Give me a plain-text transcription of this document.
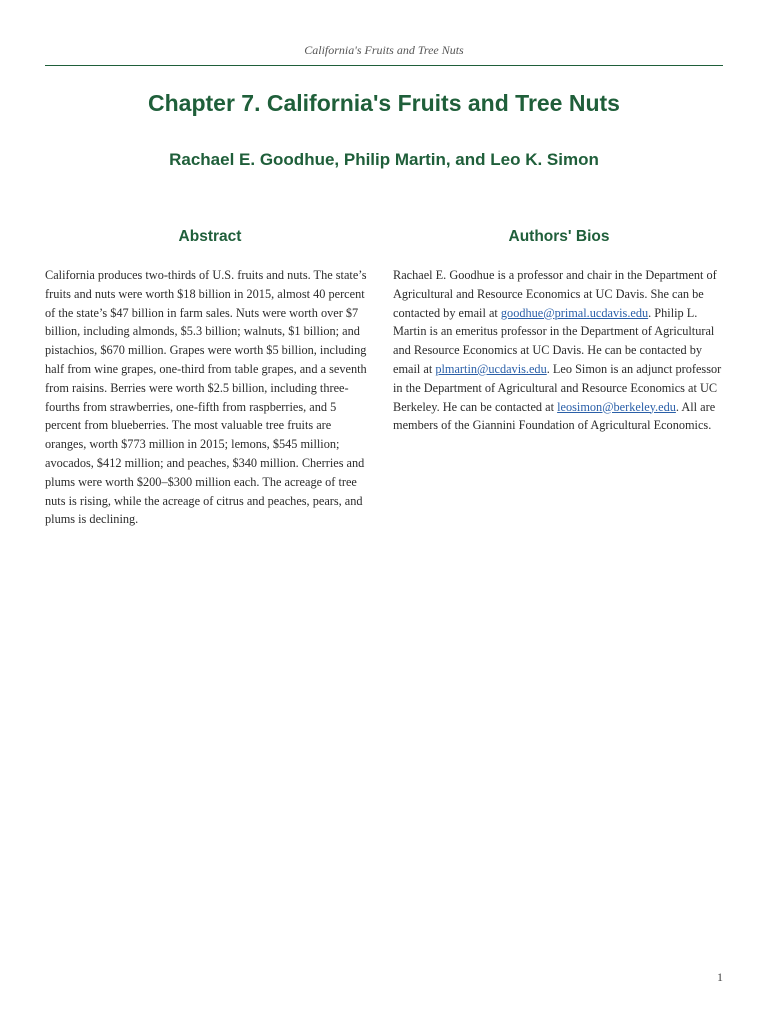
California's Fruits and Tree Nuts
Chapter 7. California's Fruits and Tree Nuts
Rachael E. Goodhue, Philip Martin, and Leo K. Simon
Abstract

California produces two-thirds of U.S. fruits and nuts. The state’s fruits and nuts were worth $18 billion in 2015, almost 40 percent of the state’s $47 billion in farm sales. Nuts were worth over $7 billion, including almonds, $5.3 billion; walnuts, $1 billion; and pistachios, $670 million. Grapes were worth $5 billion, including half from wine grapes, one-third from table grapes, and a seventh from raisins. Berries were worth $2.5 billion, including three-fourths from strawberries, one-fifth from raspberries, and 5 percent from blueberries. The most valuable tree fruits are oranges, worth $773 million in 2015; lemons, $545 million; avocados, $412 million; and peaches, $340 million. Cherries and plums were worth $200–$300 million each. The acreage of tree nuts is rising, while the acreage of citrus and peaches, pears, and plums is declining.

Authors' Bios

Rachael E. Goodhue is a professor and chair in the Department of Agricultural and Resource Economics at UC Davis. She can be contacted by email at goodhue@primal.ucdavis.edu. Philip L. Martin is an emeritus professor in the Department of Agricultural and Resource Economics at UC Davis. He can be contacted by email at plmartin@ucdavis.edu. Leo Simon is an adjunct professor in the Department of Agricultural and Resource Economics at UC Berkeley. He can be contacted at leosimon@berkeley.edu. All are members of the Giannini Foundation of Agricultural Economics.

1
